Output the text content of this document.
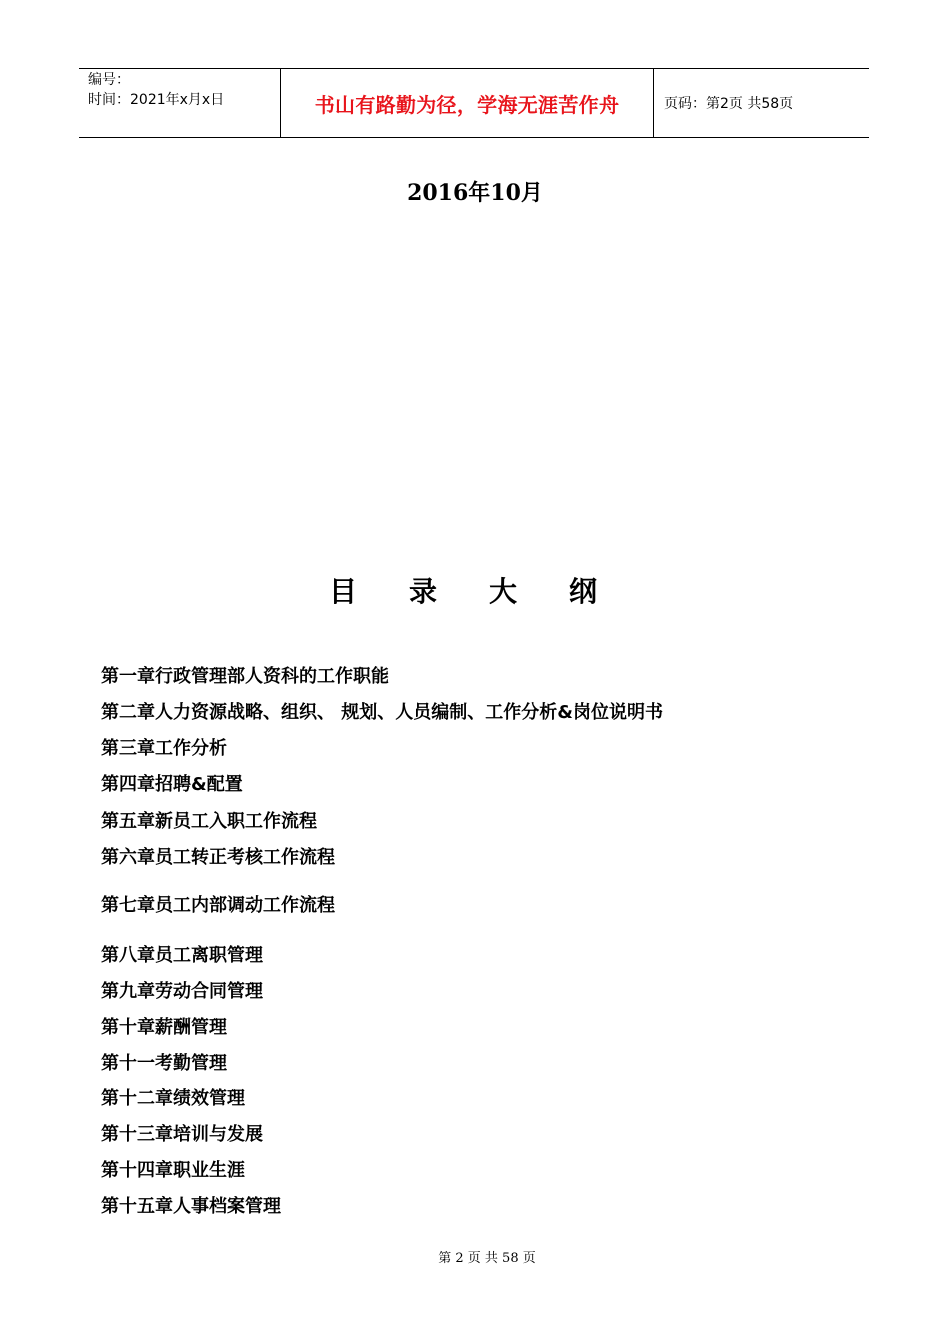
编号：
时间：2021年x月x日	书山有路勤为径，学海无涯苦作舟	页码：第2页 共58页
2016年10月
目录大纲
第一章行政管理部人资科的工作职能
第二章人力资源战略、组织、 规划、人员编制、工作分析&岗位说明书
第三章工作分析
第四章招聘&配置
第五章新员工入职工作流程
第六章员工转正考核工作流程
第七章员工内部调动工作流程
第八章员工离职管理
第九章劳动合同管理
第十章薪酬管理
第十一考勤管理
第十二章绩效管理
第十三章培训与发展
第十四章职业生涯
第十五章人事档案管理
第 2 页 共 58 页
